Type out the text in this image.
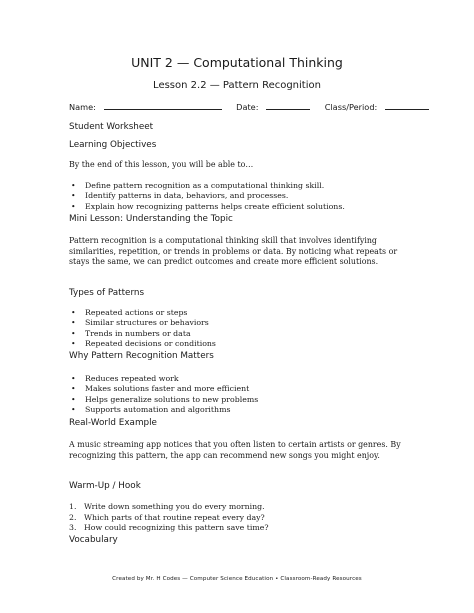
UNIT 2 — Computational Thinking
Lesson 2.2 — Pattern Recognition
Name:	Date:	Class/Period:
Student Worksheet
Learning Objectives
By the end of this lesson, you will be able to…
• Define pattern recognition as a computational thinking skill.
• Identify patterns in data, behaviors, and processes.
• Explain how recognizing patterns helps create efficient solutions.
Mini Lesson: Understanding the Topic
Pattern recognition is a computational thinking skill that involves identifying similarities, repetition, or trends in problems or data. By noticing what repeats or stays the same, we can predict outcomes and create more efficient solutions.
Types of Patterns
• Repeated actions or steps
• Similar structures or behaviors
• Trends in numbers or data
• Repeated decisions or conditions
Why Pattern Recognition Matters
• Reduces repeated work
• Makes solutions faster and more efficient
• Helps generalize solutions to new problems
• Supports automation and algorithms
Real-World Example
A music streaming app notices that you often listen to certain artists or genres. By recognizing this pattern, the app can recommend new songs you might enjoy.
Warm-Up / Hook
1. Write down something you do every morning.
2. Which parts of that routine repeat every day?
3. How could recognizing this pattern save time?
Vocabulary
Created by Mr. H Codes — Computer Science Education • Classroom-Ready Resources
